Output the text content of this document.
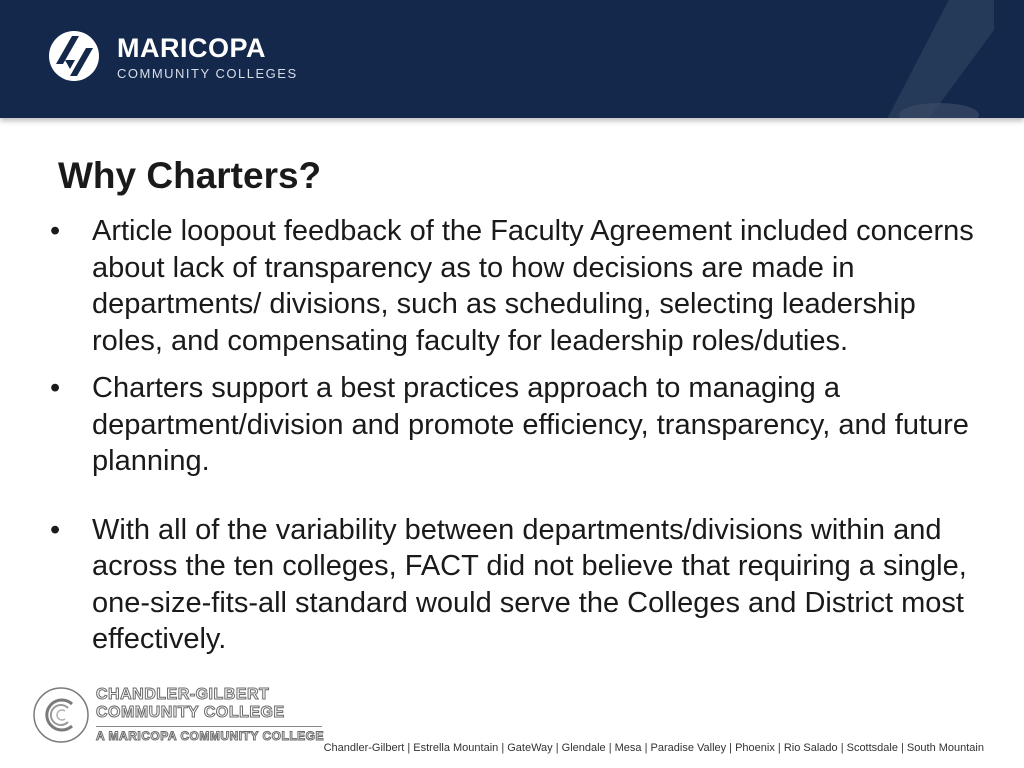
MARICOPA
COMMUNITY COLLEGES
Why Charters?
• Article loopout feedback of the Faculty Agreement included concerns about lack of transparency as to how decisions are made in departments/ divisions, such as scheduling, selecting leadership roles, and compensating faculty for leadership roles/duties.
• Charters support a best practices approach to managing a department/division and promote efficiency, transparency, and future planning.
• With all of the variability between departments/divisions within and across the ten colleges, FACT did not believe that requiring a single, one-size-fits-all standard would serve the Colleges and District most effectively.
CHANDLER-GILBERT
COMMUNITY COLLEGE
A MARICOPA COMMUNITY COLLEGE
Chandler-Gilbert | Estrella Mountain | GateWay | Glendale | Mesa | Paradise Valley | Phoenix | Rio Salado | Scottsdale | South Mountain
